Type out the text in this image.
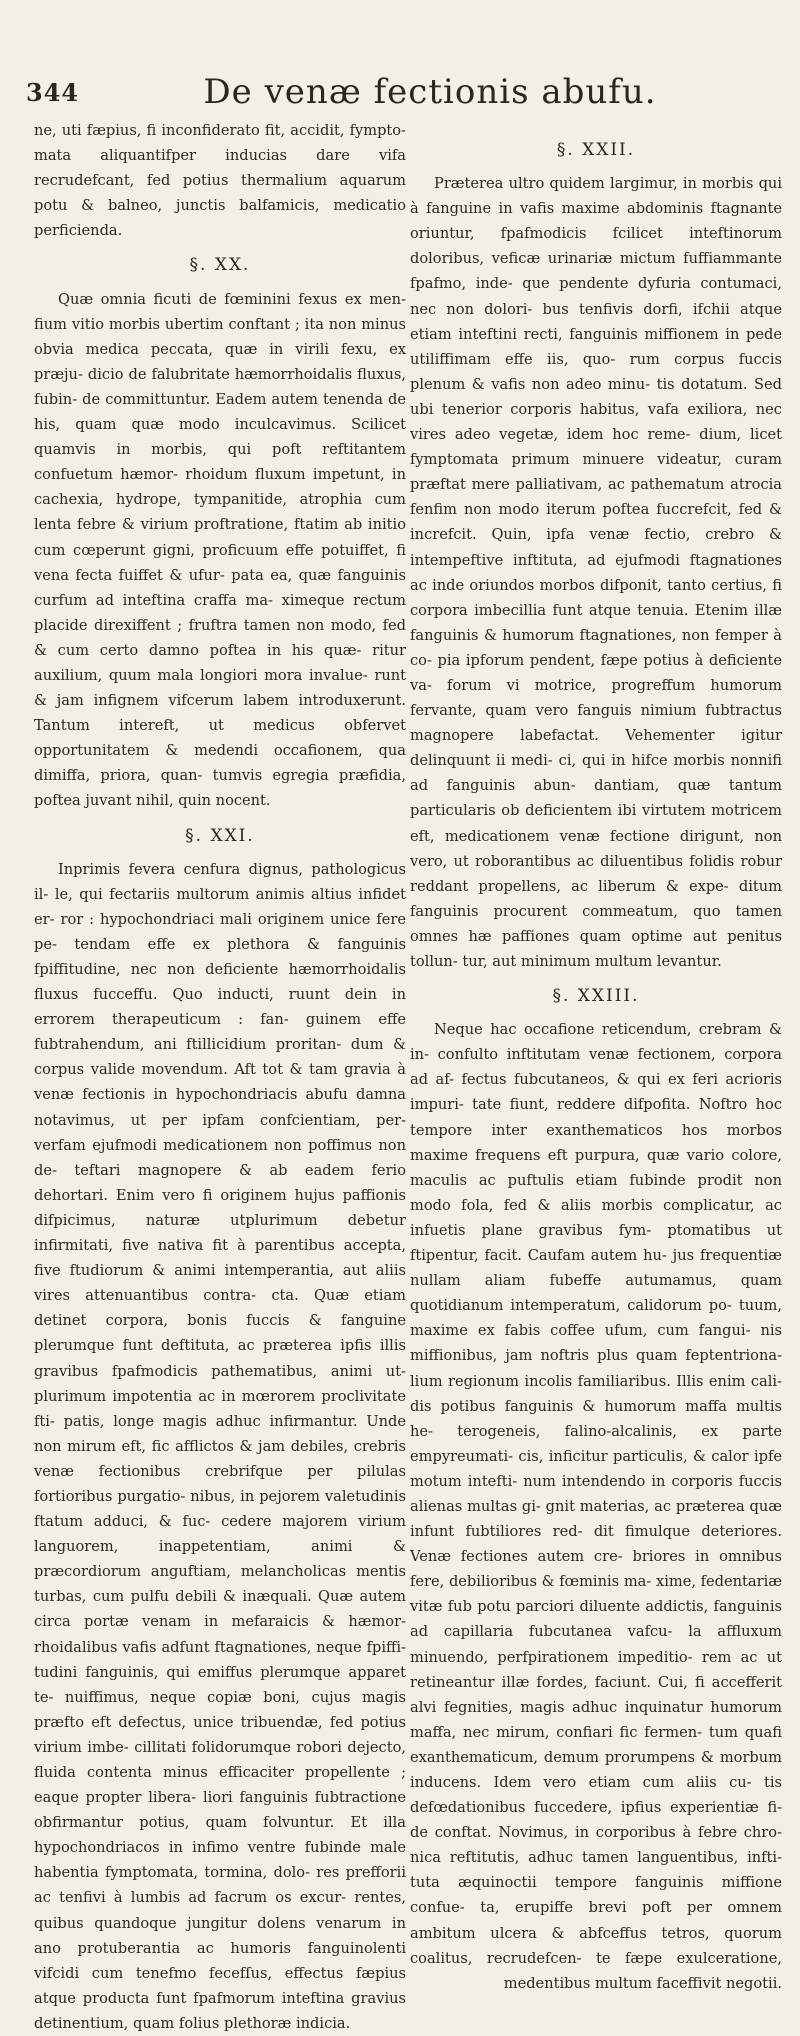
344	De venæ fectionis abufu.

ne, uti fæpius, fi inconfiderato fit, accidit, fympto- mata aliquantifper inducias dare vifa recrudefcant, fed potius thermalium aquarum potu & balneo, junctis balfamicis, medicatio perficienda.

§. XX.

Quæ omnia ficuti de fœminini fexus ex men- fium vitio morbis ubertim conftant ; ita non minus obvia medica peccata, quæ in virili fexu, ex præju- dicio de falubritate hæmorrhoidalis fluxus, fubin- de committuntur. Eadem autem tenenda de his, quam quæ modo inculcavimus. Scilicet quamvis in morbis, qui poft reftitantem confuetum hæmor- rhoidum fluxum impetunt, in cachexia, hydrope, tympanitide, atrophia cum lenta febre & virium proftratione, ftatim ab initio cum cœperunt gigni, proficuum effe potuiffet, fi vena fecta fuiffet & ufur- pata ea, quæ fanguinis curfum ad inteftina craffa ma- ximeque rectum placide direxiffent ; fruftra tamen non modo, fed & cum certo damno poftea in his quæ- ritur auxilium, quum mala longiori mora invalue- runt & jam infignem vifcerum labem introduxerunt. Tantum intereft, ut medicus obfervet opportunitatem & medendi occafionem, qua dimiffa, priora, quan- tumvis egregia præfidia, poftea juvant nihil, quin nocent.

§. XXI.

Inprimis fevera cenfura dignus, pathologicus il- le, qui fectariis multorum animis altius infidet er- ror : hypochondriaci mali originem unice fere pe- tendam effe ex plethora & fanguinis fpiffitudine, nec non deficiente hæmorrhoidalis fluxus fucceffu. Quo inducti, ruunt dein in errorem therapeuticum : fan- guinem effe fubtrahendum, ani ftillicidium proritan- dum & corpus valide movendum. Aft tot & tam gravia à venæ fectionis in hypochondriacis abufu damna notavimus, ut per ipfam confcientiam, per- verfam ejufmodi medicationem non poffimus non de- teftari magnopere & ab eadem ferio dehortari. Enim vero fi originem hujus paffionis difpicimus, naturæ utplurimum debetur infirmitati, five nativa fit à parentibus accepta, five ftudiorum & animi intemperantia, aut aliis vires attenuantibus contra- cta. Quæ etiam detinet corpora, bonis fuccis & fanguine plerumque funt deftituta, ac præterea ipfis illis gravibus fpafmodicis pathematibus, animi ut- plurimum impotentia ac in mœrorem proclivitate fti- patis, longe magis adhuc infirmantur. Unde non mirum eft, fic afflictos & jam debiles, crebris venæ fectionibus crebrifque per pilulas fortioribus purgatio- nibus, in pejorem valetudinis ftatum adduci, & fuc- cedere majorem virium languorem, inappetentiam, animi & præcordiorum anguftiam, melancholicas mentis turbas, cum pulfu debili & inæquali. Quæ autem circa portæ venam in mefaraicis & hæmor- rhoidalibus vafis adfunt ftagnationes, neque fpiffi- tudini fanguinis, qui emiffus plerumque apparet te- nuiffimus, neque copiæ boni, cujus magis præfto eft defectus, unice tribuendæ, fed potius virium imbe- cillitati folidorumque robori dejecto, fluida contenta minus efficaciter propellente ; eaque propter libera- liori fanguinis fubtractione obfirmantur potius, quam folvuntur. Et illa hypochondriacos in infimo ventre fubinde male habentia fymptomata, tormina, dolo- res prefforii ac tenfivi à lumbis ad facrum os excur- rentes, quibus quandoque jungitur dolens venarum in ano protuberantia ac humoris fanguinolenti vifcidi cum tenefmo fecefſus, effectus fæpius atque producta funt fpafmorum inteftina gravius detinentium, quam folius plethoræ indicia.

§. XXII.

Præterea ultro quidem largimur, in morbis qui à fanguine in vafis maxime abdominis ftagnante oriuntur, fpafmodicis fcilicet inteftinorum doloribus, veficæ urinariæ mictum fuffiammante fpafmo, inde- que pendente dyfuria contumaci, nec non dolori- bus tenfivis dorfi, ifchii atque etiam inteftini recti, fanguinis miffionem in pede utiliffimam effe iis, quo- rum corpus fuccis plenum & vafis non adeo minu- tis dotatum. Sed ubi tenerior corporis habitus, vafa exiliora, nec vires adeo vegetæ, idem hoc reme- dium, licet fymptomata primum minuere videatur, curam præftat mere palliativam, ac pathematum atrocia fenfim non modo iterum poftea fuccrefcit, fed & increfcit. Quin, ipfa venæ fectio, crebro & intempeftive inftituta, ad ejufmodi ftagnationes ac inde oriundos morbos difponit, tanto certius, fi corpora imbecillia funt atque tenuia. Etenim illæ fanguinis & humorum ftagnationes, non femper à co- pia ipforum pendent, fæpe potius à deficiente va- forum vi motrice, progreffum humorum fervante, quam vero fanguis nimium fubtractus magnopere labefactat. Vehementer igitur delinquunt ii medi- ci, qui in hifce morbis nonnifi ad fanguinis abun- dantiam, quæ tantum particularis ob deficientem ibi virtutem motricem eft, medicationem venæ fectione dirigunt, non vero, ut roborantibus ac diluentibus folidis robur reddant propellens, ac liberum & expe- ditum fanguinis procurent commeatum, quo tamen omnes hæ paffiones quam optime aut penitus tollun- tur, aut minimum multum levantur.

§. XXIII.

Neque hac occafione reticendum, crebram & in- confulto inftitutam venæ fectionem, corpora ad af- fectus fubcutaneos, & qui ex feri acrioris impuri- tate fiunt, reddere difpofita. Noftro hoc tempore inter exanthematicos hos morbos maxime frequens eft purpura, quæ vario colore, maculis ac puftulis etiam fubinde prodit non modo fola, fed & aliis morbis complicatur, ac infuetis plane gravibus fym- ptomatibus ut ftipentur, facit. Caufam autem hu- jus frequentiæ nullam aliam fubeffe autumamus, quam quotidianum intemperatum, calidorum po- tuum, maxime ex fabis coffee ufum, cum fangui- nis miffionibus, jam noftris plus quam feptentriona- lium regionum incolis familiaribus. Illis enim cali- dis potibus fanguinis & humorum maffa multis he- terogeneis, falino-alcalinis, ex parte empyreumati- cis, inficitur particulis, & calor ipfe motum intefti- num intendendo in corporis fuccis alienas multas gi- gnit materias, ac præterea quæ infunt fubtiliores red- dit fimulque deteriores. Venæ fectiones autem cre- briores in omnibus fere, debilioribus & fœminis ma- xime, fedentariæ vitæ fub potu parciori diluente addictis, fanguinis ad capillaria fubcutanea vafcu- la affluxum minuendo, perfpirationem impeditio- rem ac ut retineantur illæ fordes, faciunt. Cui, fi accefferit alvi fegnities, magis adhuc inquinatur humorum maffa, nec mirum, confiari fic fermen- tum quafi exanthematicum, demum prorumpens & morbum inducens. Idem vero etiam cum aliis cu- tis defœdationibus fuccedere, ipfius experientiæ fi- de conftat. Novimus, in corporibus à febre chro- nica reftitutis, adhuc tamen languentibus, infti- tuta æquinoctii tempore fanguinis miffione confue- ta, erupiffe brevi poft per omnem ambitum ulcera & abfceffus tetros, quorum coalitus, recrudefcen- te fæpe exulceratione, medentibus multum faceffivit negotii.
